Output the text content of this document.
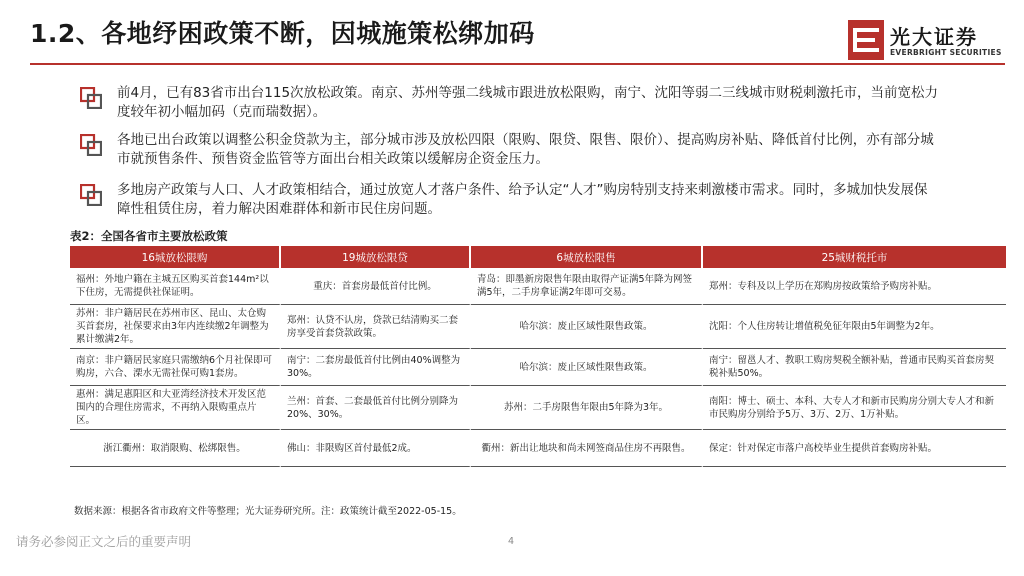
1.2、各地纾困政策不断，因城施策松绑加码	光大证券
EVERBRIGHT SECURITIES
前4月，已有83省市出台115次放松政策。南京、苏州等强二线城市跟进放松限购，南宁、沈阳等弱二三线城市财税刺激托市，当前宽松力度较年初小幅加码（克而瑞数据）。
各地已出台政策以调整公积金贷款为主，部分城市涉及放松四限（限购、限贷、限售、限价）、提高购房补贴、降低首付比例，亦有部分城市就预售条件、预售资金监管等方面出台相关政策以缓解房企资金压力。
多地房产政策与人口、人才政策相结合，通过放宽人才落户条件、给予认定“人才”购房特别支持来刺激楼市需求。同时，多城加快发展保障性租赁住房，着力解决困难群体和新市民住房问题。
表2：全国各省市主要放松政策
16城放松限购	19城放松限贷	6城放松限售	25城财税托市
福州：外地户籍在主城五区购买首套144m²以下住房，无需提供社保证明。	重庆：首套房最低首付比例。	青岛：即墨新房限售年限由取得产证满5年降为网签满5年，二手房拿证满2年即可交易。	郑州：专科及以上学历在郑购房按政策给予购房补贴。
苏州：非户籍居民在苏州市区、昆山、太仓购买首套房，社保要求由3年内连续缴2年调整为累计缴满2年。	郑州：认贷不认房，贷款已结清购买二套房享受首套贷款政策。	哈尔滨：废止区域性限售政策。	沈阳：个人住房转让增值税免征年限由5年调整为2年。
南京：非户籍居民家庭只需缴纳6个月社保即可购房，六合、溧水无需社保可购1套房。	南宁：二套房最低首付比例由40%调整为30%。	哈尔滨：废止区域性限售政策。	南宁：留邕人才、教职工购房契税全额补贴，普通市民购买首套房契税补贴50%。
惠州：满足惠阳区和大亚湾经济技术开发区范围内的合理住房需求，不再纳入限购重点片区。	兰州：首套、二套最低首付比例分别降为20%、30%。	苏州：二手房限售年限由5年降为3年。	南阳：博士、硕士、本科、大专人才和新市民购房分别大专人才和新市民购房分别给予5万、3万、2万、1万补贴。
浙江衢州：取消限购、松绑限售。	佛山：非限购区首付最低2成。	衢州：新出让地块和尚未网签商品住房不再限售。	保定：针对保定市落户高校毕业生提供首套购房补贴。
数据来源：根据各省市政府文件等整理；光大证券研究所。注：政策统计截至2022-05-15。
请务必参阅正文之后的重要声明	4
